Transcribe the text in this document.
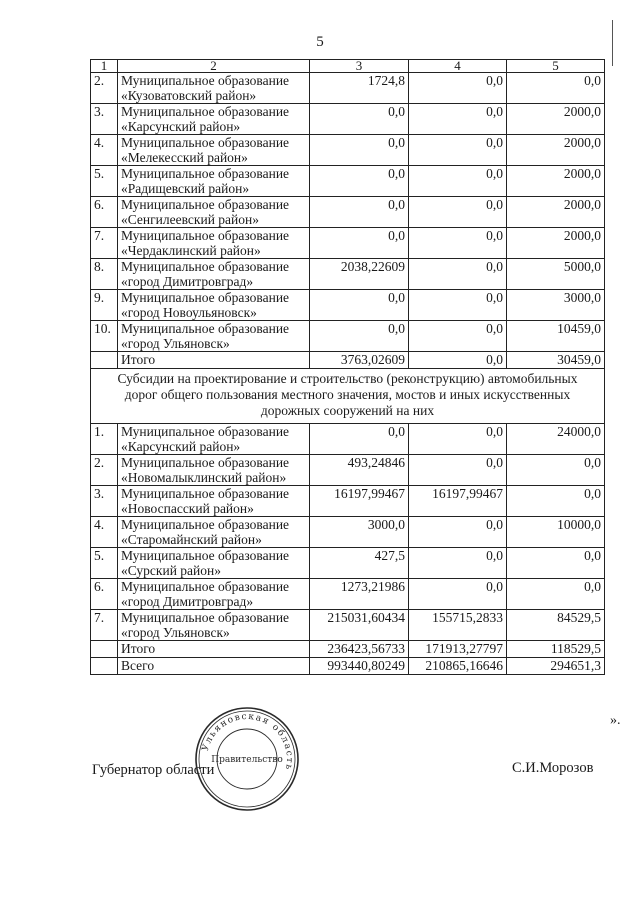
5
1	2	3	4	5
2.	Муниципальное образование
«Кузоватовский район»	1724,8	0,0	0,0
3.	Муниципальное образование
«Карсунский район»	0,0	0,0	2000,0
4.	Муниципальное образование
«Мелекесский район»	0,0	0,0	2000,0
5.	Муниципальное образование
«Радищевский район»	0,0	0,0	2000,0
6.	Муниципальное образование
«Сенгилеевский район»	0,0	0,0	2000,0
7.	Муниципальное образование
«Чердаклинский район»	0,0	0,0	2000,0
8.	Муниципальное образование
«город Димитровград»	2038,22609	0,0	5000,0
9.	Муниципальное образование
«город Новоульяновск»	0,0	0,0	3000,0
10.	Муниципальное образование
«город Ульяновск»	0,0	0,0	10459,0
	Итого	3763,02609	0,0	30459,0

Субсидии на проектирование и строительство (реконструкцию) автомобильных
дорог общего пользования местного значения, мостов и иных искусственных
дорожных сооружений на них				

1.	Муниципальное образование
«Карсунский район»	0,0	0,0	24000,0
2.	Муниципальное образование
«Новомалыклинский район»	493,24846	0,0	0,0
3.	Муниципальное образование
«Новоспасский район»	16197,99467	16197,99467	0,0
4.	Муниципальное образование
«Старомайнский район»	3000,0	0,0	10000,0
5.	Муниципальное образование
«Сурский район»	427,5	0,0	0,0
6.	Муниципальное образование
«город Димитровград»	1273,21986	0,0	0,0
7.	Муниципальное образование
«город Ульяновск»	215031,60434	155715,2833	84529,5
	Итого	236423,56733	171913,27797	118529,5
	Всего	993440,80249	210865,16646	294651,3
».
Губернатор области	С.И.Морозов
Ульяновская область
Правительство
